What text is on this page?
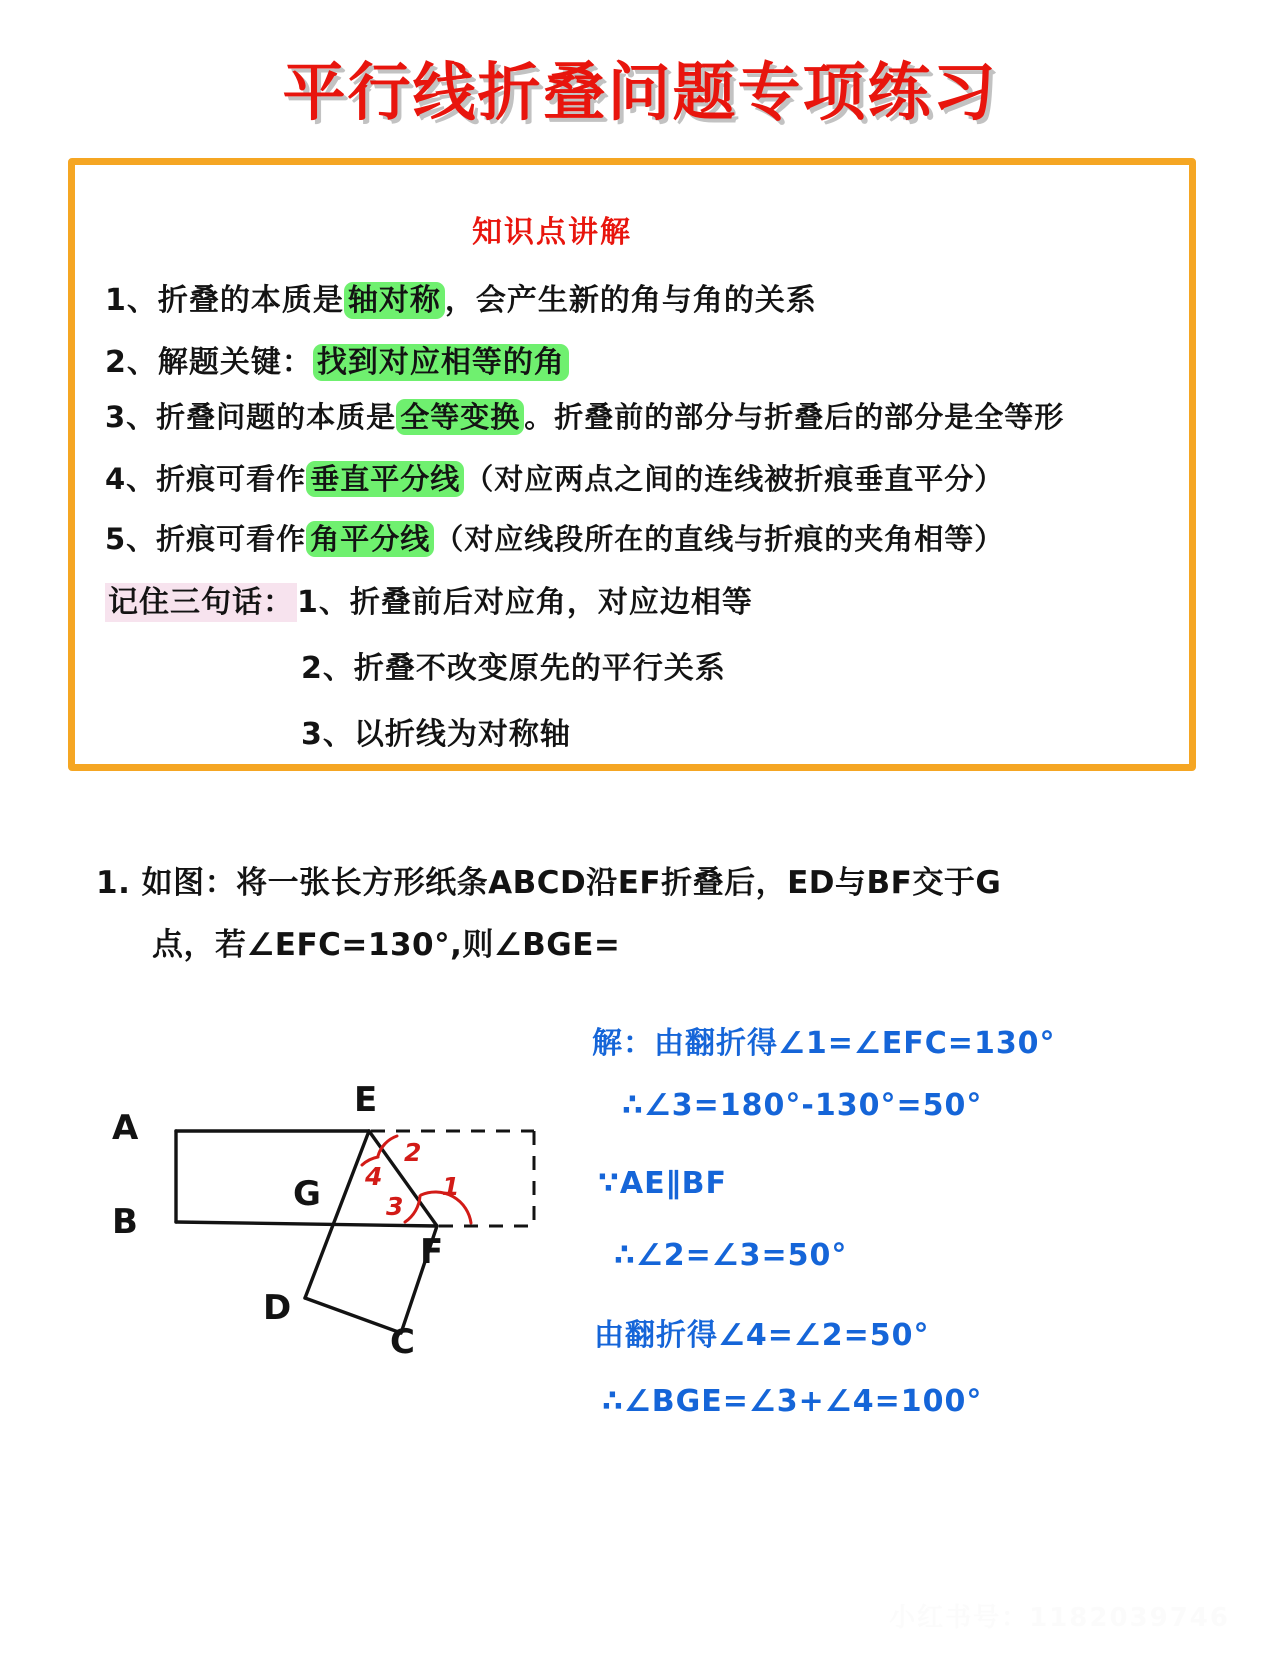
平行线折叠问题专项练习
知识点讲解
1、折叠的本质是 轴对称 ，会产生新的角与角的关系
2、解题关键： 找到对应相等的角
3、折叠问题的本质是 全等变换 。折叠前的部分与折叠后的部分是全等形
4、折痕可看作 垂直平分线 （对应两点之间的连线被折痕垂直平分）
5、折痕可看作 角平分线 （对应线段所在的直线与折痕的夹角相等）
记住三句话： 1、折叠前后对应角，对应边相等
2、折叠不改变原先的平行关系
3、以折线为对称轴
1. 如图：将一张长方形纸条ABCD沿EF折叠后，ED与BF交于G
点，若∠EFC=130°,则∠BGE=
A
B
E
F
G
D
C
1
2
3
4
解：由翻折得∠1=∠EFC=130°
∴∠3=180°-130°=50°
∵AE∥BF
∴∠2=∠3=50°
由翻折得∠4=∠2=50°
∴∠BGE=∠3+∠4=100°
小红书号：1182039746
